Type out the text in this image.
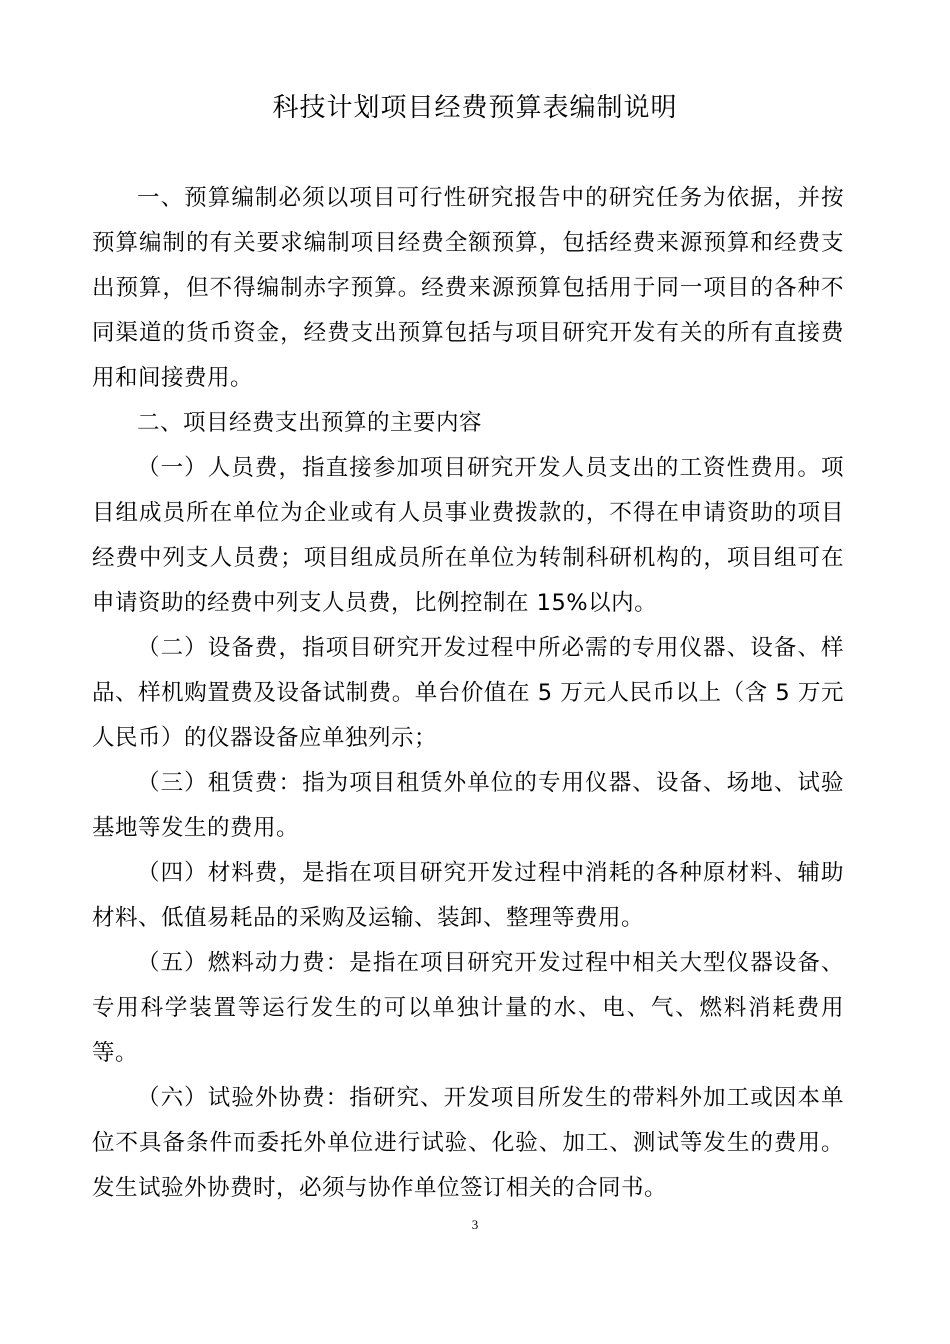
科技计划项目经费预算表编制说明

一、预算编制必须以项目可行性研究报告中的研究任务为依据，并按预算编制的有关要求编制项目经费全额预算，包括经费来源预算和经费支出预算，但不得编制赤字预算。经费来源预算包括用于同一项目的各种不同渠道的货币资金，经费支出预算包括与项目研究开发有关的所有直接费用和间接费用。

二、项目经费支出预算的主要内容

（一）人员费，指直接参加项目研究开发人员支出的工资性费用。项目组成员所在单位为企业或有人员事业费拨款的，不得在申请资助的项目经费中列支人员费；项目组成员所在单位为转制科研机构的，项目组可在申请资助的经费中列支人员费，比例控制在 15%以内。

（二）设备费，指项目研究开发过程中所必需的专用仪器、设备、样品、样机购置费及设备试制费。单台价值在 5 万元人民币以上（含 5 万元人民币）的仪器设备应单独列示；

（三）租赁费：指为项目租赁外单位的专用仪器、设备、场地、试验基地等发生的费用。

（四）材料费，是指在项目研究开发过程中消耗的各种原材料、辅助材料、低值易耗品的采购及运输、装卸、整理等费用。

（五）燃料动力费：是指在项目研究开发过程中相关大型仪器设备、专用科学装置等运行发生的可以单独计量的水、电、气、燃料消耗费用等。

（六）试验外协费：指研究、开发项目所发生的带料外加工或因本单位不具备条件而委托外单位进行试验、化验、加工、测试等发生的费用。发生试验外协费时，必须与协作单位签订相关的合同书。

3
